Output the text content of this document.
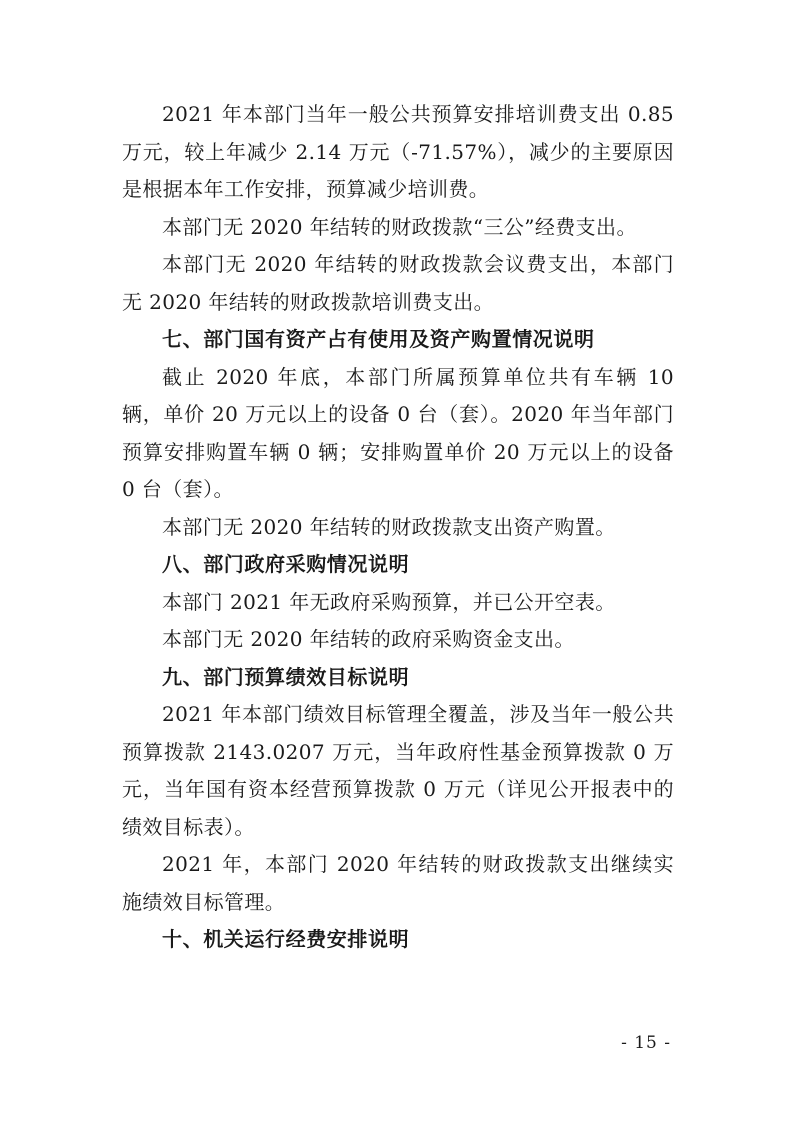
2021 年本部门当年一般公共预算安排培训费支出 0.85万元，较上年减少 2.14 万元（-71.57%），减少的主要原因是根据本年工作安排，预算减少培训费。

本部门无 2020 年结转的财政拨款“三公”经费支出。

本部门无 2020 年结转的财政拨款会议费支出，本部门无 2020 年结转的财政拨款培训费支出。

七、部门国有资产占有使用及资产购置情况说明

截止 2020 年底，本部门所属预算单位共有车辆 10 辆，单价 20 万元以上的设备 0 台（套）。2020 年当年部门预算安排购置车辆 0 辆；安排购置单价 20 万元以上的设备 0 台（套）。

本部门无 2020 年结转的财政拨款支出资产购置。

八、部门政府采购情况说明

本部门 2021 年无政府采购预算，并已公开空表。

本部门无 2020 年结转的政府采购资金支出。

九、部门预算绩效目标说明

2021 年本部门绩效目标管理全覆盖，涉及当年一般公共预算拨款 2143.0207 万元，当年政府性基金预算拨款 0 万元，当年国有资本经营预算拨款 0 万元（详见公开报表中的绩效目标表）。

2021 年，本部门 2020 年结转的财政拨款支出继续实施绩效目标管理。

十、机关运行经费安排说明

- 15 -
